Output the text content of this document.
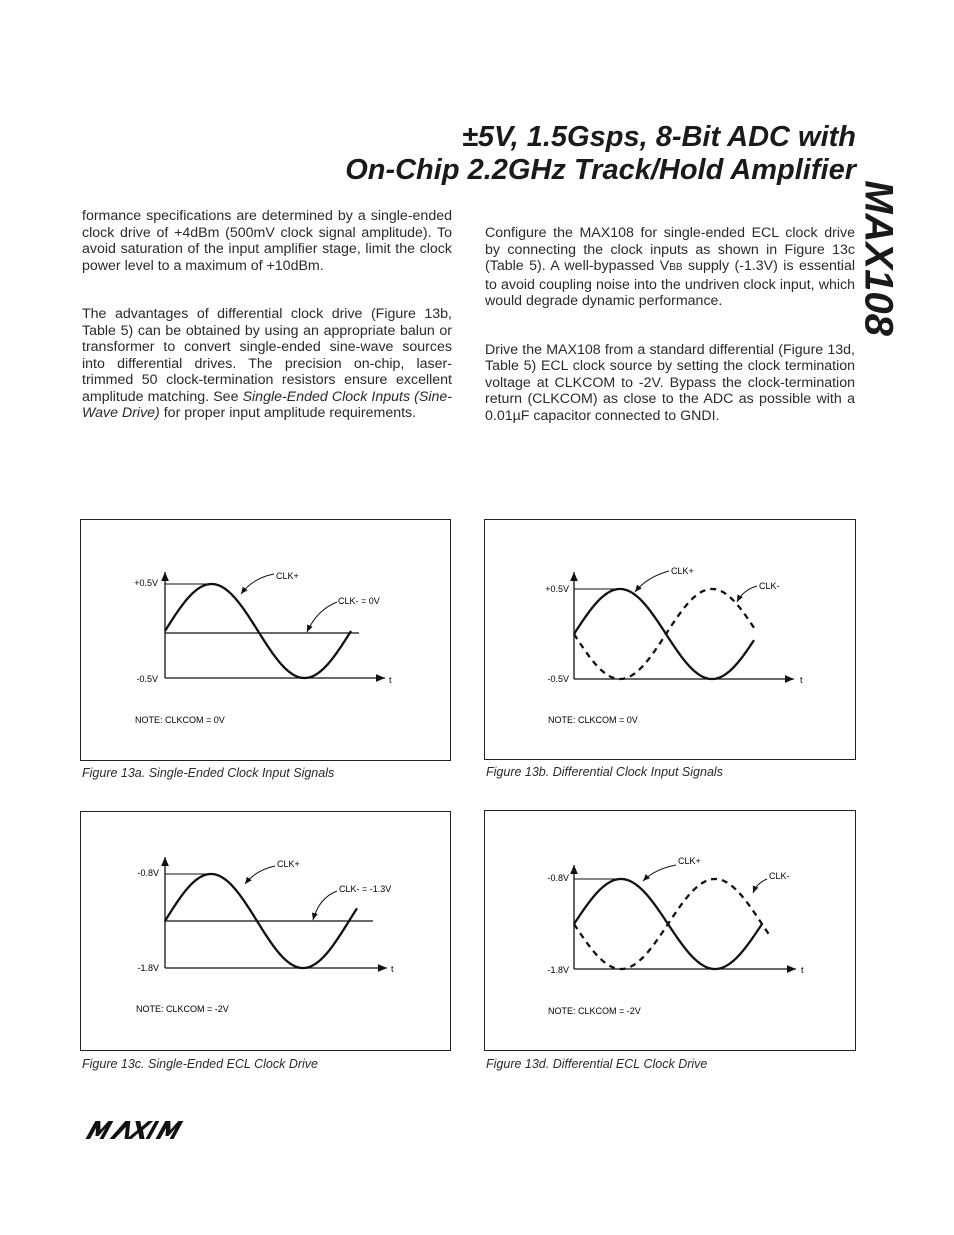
±5V, 1.5Gsps, 8-Bit ADC with
On-Chip 2.2GHz Track/Hold Amplifier
MAX108

formance specifications are determined by a single-ended clock drive of +4dBm (500mV clock signal amplitude). To avoid saturation of the input amplifier stage, limit the clock power level to a maximum of +10dBm.

The advantages of differential clock drive (Figure 13b, Table 5) can be obtained by using an appropriate balun or transformer to convert single-ended sine-wave sources into differential drives. The precision on-chip, laser-trimmed 50 clock-termination resistors ensure excellent amplitude matching. See Single-Ended Clock Inputs (Sine-Wave Drive) for proper input amplitude requirements.

Configure the MAX108 for single-ended ECL clock drive by connecting the clock inputs as shown in Figure 13c (Table 5). A well-bypassed VBB supply (-1.3V) is essential to avoid coupling noise into the undriven clock input, which would degrade dynamic performance.

Drive the MAX108 from a standard differential (Figure 13d, Table 5) ECL clock source by setting the clock termination voltage at CLKCOM to -2V. Bypass the clock-termination return (CLKCOM) as close to the ADC as possible with a 0.01µF capacitor connected to GNDI.

+0.5V
-0.5V	t
CLK+
CLK- = 0V
NOTE: CLKCOM = 0V
Figure 13a. Single-Ended Clock Input Signals
+0.5V
-0.5V	t
CLK+
CLK-
NOTE: CLKCOM = 0V
Figure 13b. Differential Clock Input Signals
-0.8V
-1.8V	t
CLK+
CLK- = -1.3V
NOTE: CLKCOM = -2V
Figure 13c. Single-Ended ECL Clock Drive
-0.8V
-1.8V	t
CLK+
CLK-
NOTE: CLKCOM = -2V
Figure 13d. Differential ECL Clock Drive
